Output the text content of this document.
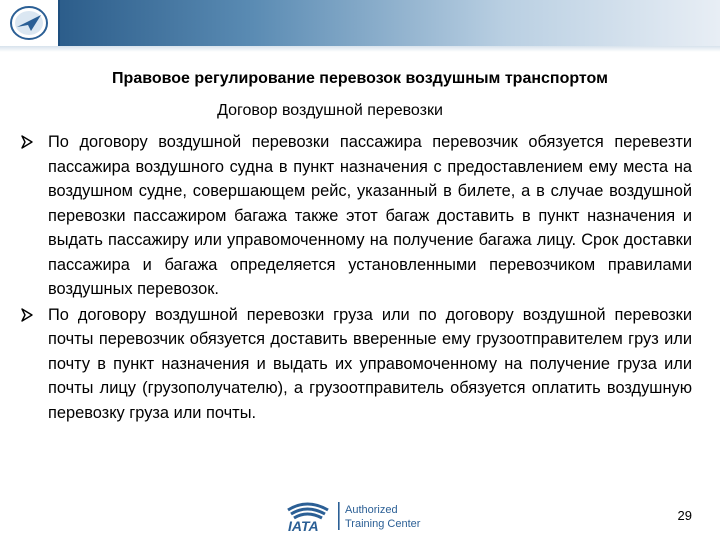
Правовое регулирование перевозок воздушным транспортом
Договор воздушной перевозки
По договору воздушной перевозки пассажира перевозчик обязуется перевезти пассажира воздушного судна в пункт назначения с предоставлением ему места на воздушном судне, совершающем рейс, указанный в билете, а в случае воздушной перевозки пассажиром багажа также этот багаж доставить в пункт назначения и выдать пассажиру или управомоченному на получение багажа лицу. Срок доставки пассажира и багажа определяется установленными перевозчиком правилами воздушных перевозок.
По договору воздушной перевозки груза или по договору воздушной перевозки почты перевозчик обязуется доставить вверенные ему грузоотправителем груз или почту в пункт назначения и выдать их управомоченному на получение груза или почты лицу (грузополучателю), а грузоотправитель обязуется оплатить воздушную перевозку груза или почты.
IATA
Authorized
Training Center
29
